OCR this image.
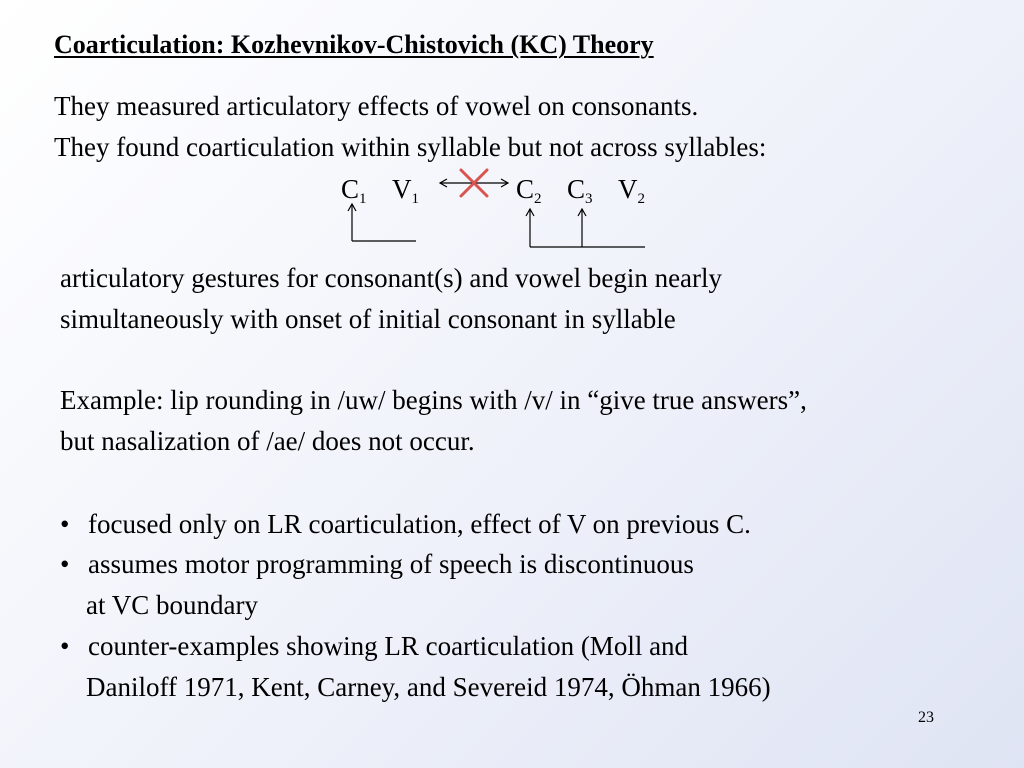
Coarticulation: Kozhevnikov-Chistovich (KC) Theory
They measured articulatory effects of vowel on consonants.
They found coarticulation within syllable but not across syllables:
$C_1$ $V_1$	$C_2$ $C_3$ $V_2$
articulatory gestures for consonant(s) and vowel begin nearly
simultaneously with onset of initial consonant in syllable
Example: lip rounding in /uw/ begins with /v/ in “give true answers”,
but nasalization of /ae/ does not occur.
• focused only on LR coarticulation, effect of V on previous C.
• assumes motor programming of speech is discontinuous
at VC boundary
• counter-examples showing LR coarticulation (Moll and
Daniloff 1971, Kent, Carney, and Severeid 1974, Öhman 1966)
23
